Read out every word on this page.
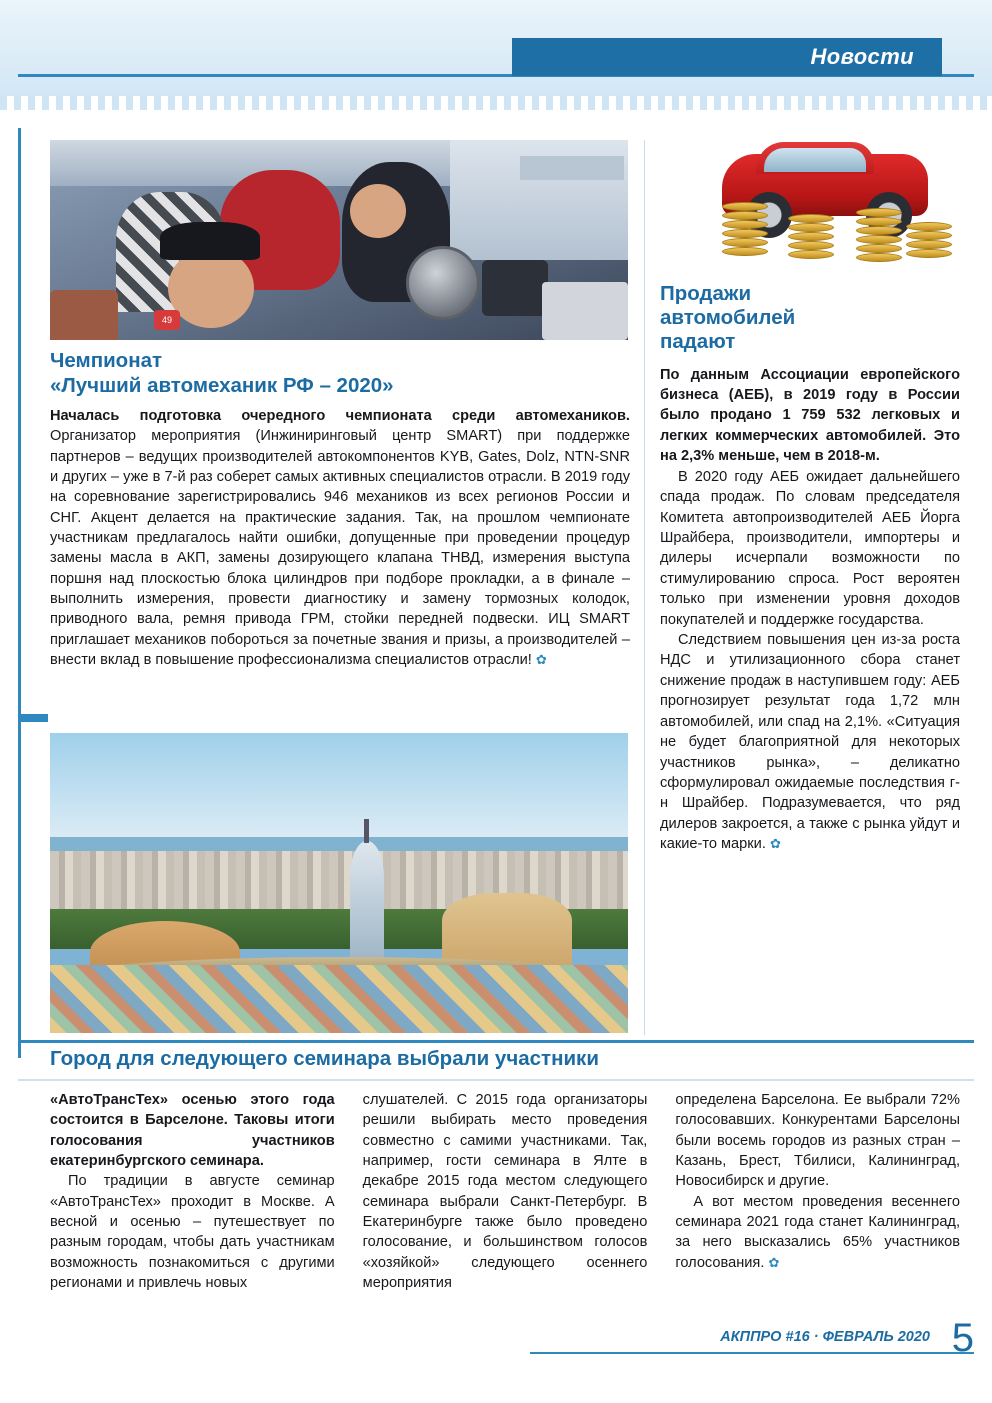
Новости
49
Чемпионат
«Лучший автомеханик РФ – 2020»
Началась подготовка очередного чемпионата среди автомехаников. Организатор мероприятия (Инжиниринговый центр SMART) при поддержке партнеров – ведущих производителей автокомпонентов KYB, Gates, Dolz, NTN-SNR и других – уже в 7-й раз соберет самых активных специалистов отрасли. В 2019 году на соревнование зарегистрировались 946 механиков из всех регионов России и СНГ. Акцент делается на практические задания. Так, на прошлом чемпионате участникам предлагалось найти ошибки, допущенные при проведении процедур замены масла в АКП, замены дозирующего клапана ТНВД, измерения выступа поршня над плоскостью блока цилиндров при подборе прокладки, а в финале – выполнить измерения, провести диагностику и замену тормозных колодок, приводного вала, ремня привода ГРМ, стойки передней подвески. ИЦ SMART приглашает механиков побороться за почетные звания и призы, а производителей – внести вклад в повышение профессионализма специалистов отрасли! ✿
Продажи
автомобилей
падают

По данным Ассоциации европейского бизнеса (АЕБ), в 2019 году в России было продано 1 759 532 легковых и легких коммерческих автомобилей. Это на 2,3% меньше, чем в 2018-м.

В 2020 году АЕБ ожидает дальнейшего спада продаж. По словам председателя Комитета автопроизводителей АЕБ Йорга Шрайбера, производители, импортеры и дилеры исчерпали возможности по стимулированию спроса. Рост вероятен только при изменении уровня доходов покупателей и поддержке государства.

Следствием повышения цен из-за роста НДС и утилизационного сбора станет снижение продаж в наступившем году: АЕБ прогнозирует результат года 1,72 млн автомобилей, или спад на 2,1%. «Ситуация не будет благоприятной для некоторых участников рынка», – деликатно сформулировал ожидаемые последствия г-н Шрайбер. Подразумевается, что ряд дилеров закроется, а также с рынка уйдут и какие-то марки. ✿

Город для следующего семинара выбрали участники

«АвтоТрансТех» осенью этого года состоится в Барселоне. Таковы итоги голосования участников екатеринбургского семинара.

По традиции в августе семинар «АвтоТрансТех» проходит в Москве. А весной и осенью – путешествует по разным городам, чтобы дать участникам возможность познакомиться с другими регионами и привлечь новых

слушателей. С 2015 года организаторы решили выбирать место проведения совместно с самими участниками. Так, например, гости семинара в Ялте в декабре 2015 года местом следующего семинара выбрали Санкт-Петербург. В Екатеринбурге также было проведено голосование, и большинством голосов «хозяйкой» следующего осеннего мероприятия

определена Барселона. Ее выбрали 72% голосовавших. Конкурентами Барселоны были восемь городов из разных стран – Казань, Брест, Тбилиси, Калининград, Новосибирск и другие.

А вот местом проведения весеннего семинара 2021 года станет Калининград, за него высказались 65% участников голосования. ✿

АКППРО #16 · ФЕВРАЛЬ 2020 5
